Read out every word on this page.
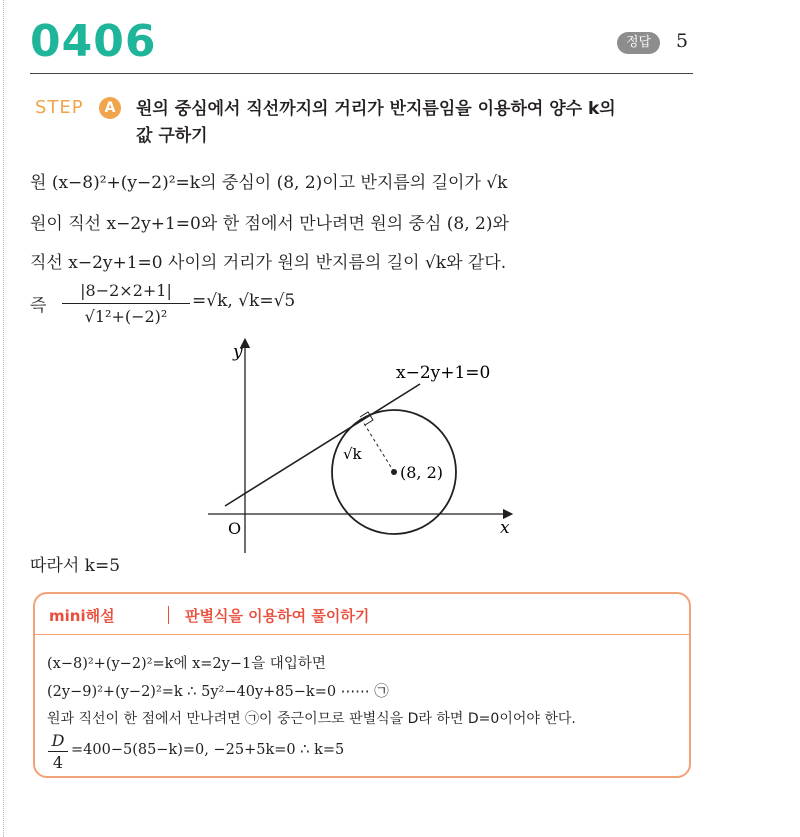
0406	정답	5
STEP	A	원의 중심에서 직선까지의 거리가 반지름임을 이용하여 양수 k의
값 구하기
원 (x−8)²+(y−2)²=k의 중심이 (8, 2)이고 반지름의 길이가 √k
원이 직선 x−2y+1=0와 한 점에서 만나려면 원의 중심 (8, 2)와
직선 x−2y+1=0 사이의 거리가 원의 반지름의 길이 √k와 같다.
즉
|8−2×2+1|
√1²+(−2)²
=√k, √k=√5
y
x
O
x−2y+1=0
(8, 2)
√k
따라서 k=5
mini해설	판별식을 이용하여 풀이하기
(x−8)²+(y−2)²=k에 x=2y−1을 대입하면
(2y−9)²+(y−2)²=k ∴ 5y²−40y+85−k=0 ⋯⋯ ㉠
원과 직선이 한 점에서 만나려면 ㉠이 중근이므로 판별식을 D라 하면 D=0이어야 한다.
D
4
=400−5(85−k)=0, −25+5k=0 ∴ k=5
